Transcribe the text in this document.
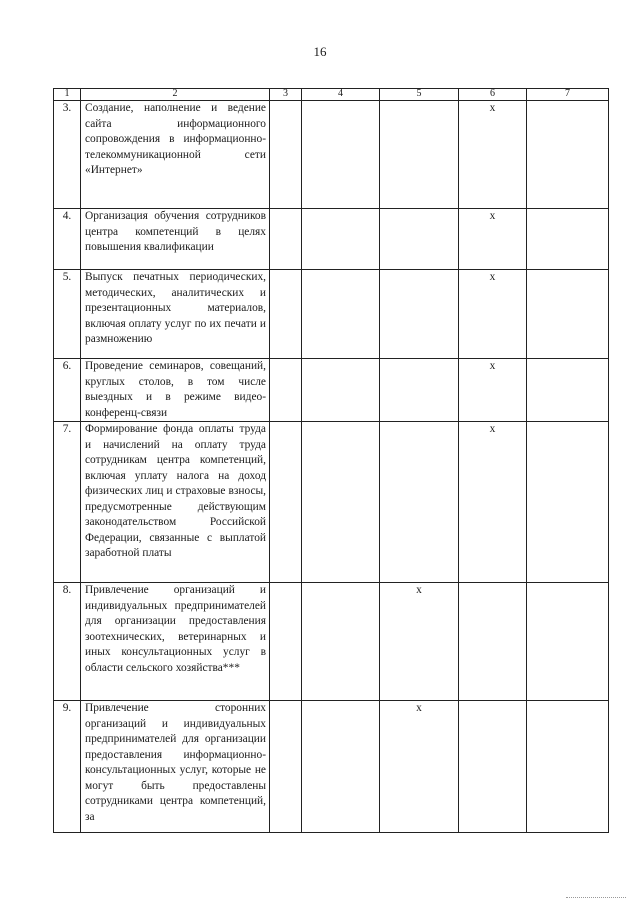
16
1	2	3	4	5	6	7
3.	Создание, наполнение и ведение сайта информационного сопровождения в информационно-телекоммуникационной сети «Интернет»				x	
4.	Организация обучения сотрудников центра компетенций в целях повышения квалификации				x	
5.	Выпуск печатных периодических, методических, аналитических и презентационных материалов, включая оплату услуг по их печати и размножению				x	
6.	Проведение семинаров, совещаний, круглых столов, в том числе выездных и в режиме видео-конференц-связи				x	
7.	Формирование фонда оплаты труда и начислений на оплату труда сотрудникам центра компетенций, включая уплату налога на доход физических лиц и страховые взносы, предусмотренные действующим законодательством Российской Федерации, связанные с выплатой заработной платы				x	
8.	Привлечение организаций и индивидуальных предпринимателей для организации предоставления зоотехнических, ветеринарных и иных консультационных услуг в области сельского хозяйства***			x		
9.	Привлечение сторонних организаций и индивидуальных предпринимателей для организации предоставления информационно-консультационных услуг, которые не могут быть предоставлены сотрудниками центра компетенций, за			x		
